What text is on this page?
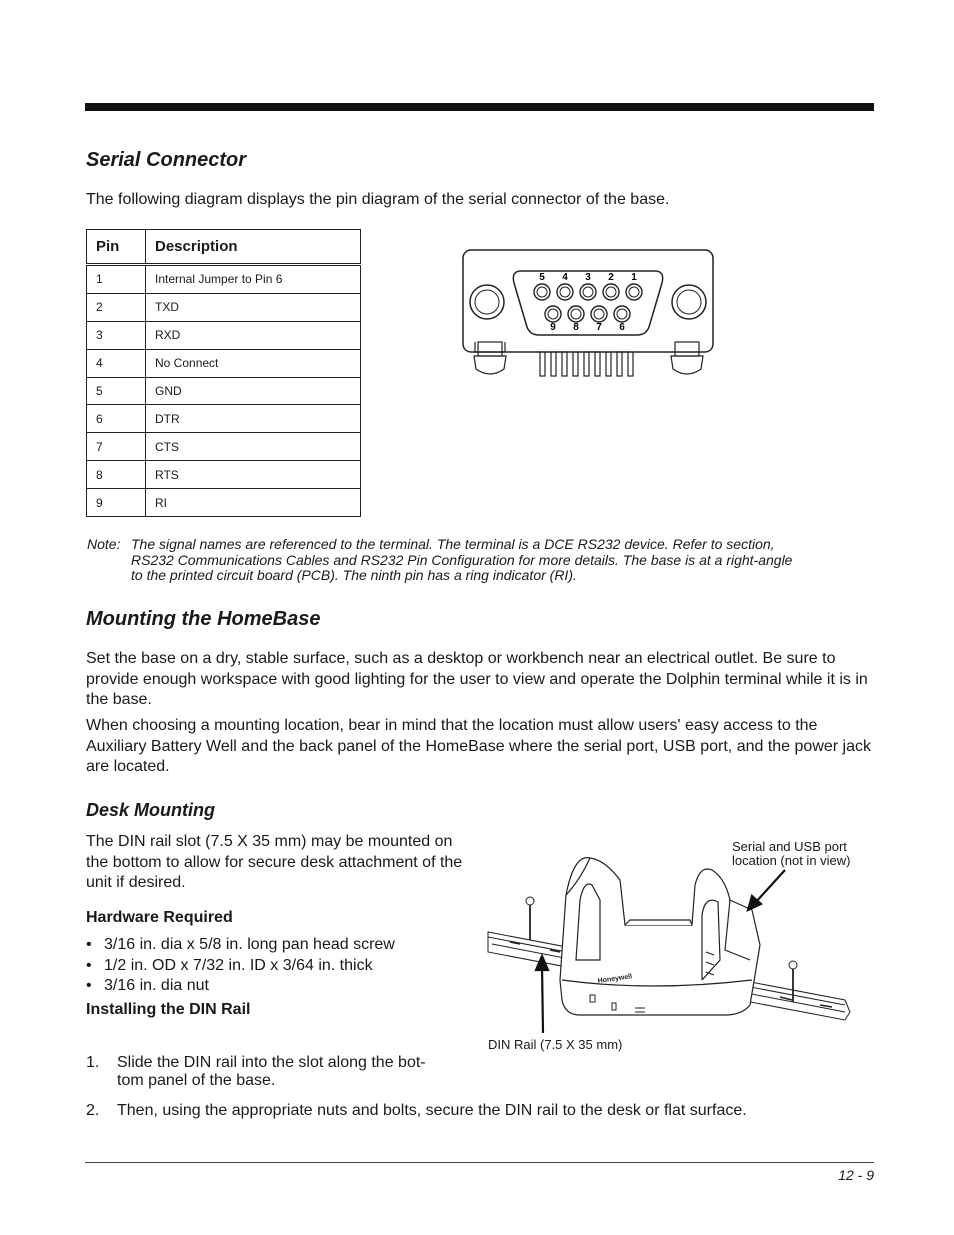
Serial Connector

The following diagram displays the pin diagram of the serial connector of the base.

Pin	Description
1	Internal Jumper to Pin 6
2	TXD
3	RXD
4	No Connect
5	GND
6	DTR
7	CTS
8	RTS
9	RI
5 4 3 2 1
9 8 7 6
Note: The signal names are referenced to the terminal. The terminal is a DCE RS232 device. Refer to section,
RS232 Communications Cables and RS232 Pin Configuration for more details. The base is at a right-angle
to the printed circuit board (PCB). The ninth pin has a ring indicator (RI).
Mounting the HomeBase

Set the base on a dry, stable surface, such as a desktop or workbench near an electrical outlet. Be sure to provide enough workspace with good lighting for the user to view and operate the Dolphin terminal while it is in the base.

When choosing a mounting location, bear in mind that the location must allow users' easy access to the Auxiliary Battery Well and the back panel of the HomeBase where the serial port, USB port, and the power jack are located.

Desk Mounting

The DIN rail slot (7.5 X 35 mm) may be mounted on the bottom to allow for secure desk attachment of the unit if desired.

Hardware Required
• 3/16 in. dia x 5/8 in. long pan head screw
• 1/2 in. OD x 7/32 in. ID x 3/64 in. thick
• 3/16 in. dia nut
Installing the DIN Rail
1.	Slide the DIN rail into the slot along the bot-
tom panel of the base.
2.	Then, using the appropriate nuts and bolts, secure the DIN rail to the desk or flat surface.
Honeywell
Serial and USB port
location (not in view)
DIN Rail (7.5 X 35 mm)
12 - 9
